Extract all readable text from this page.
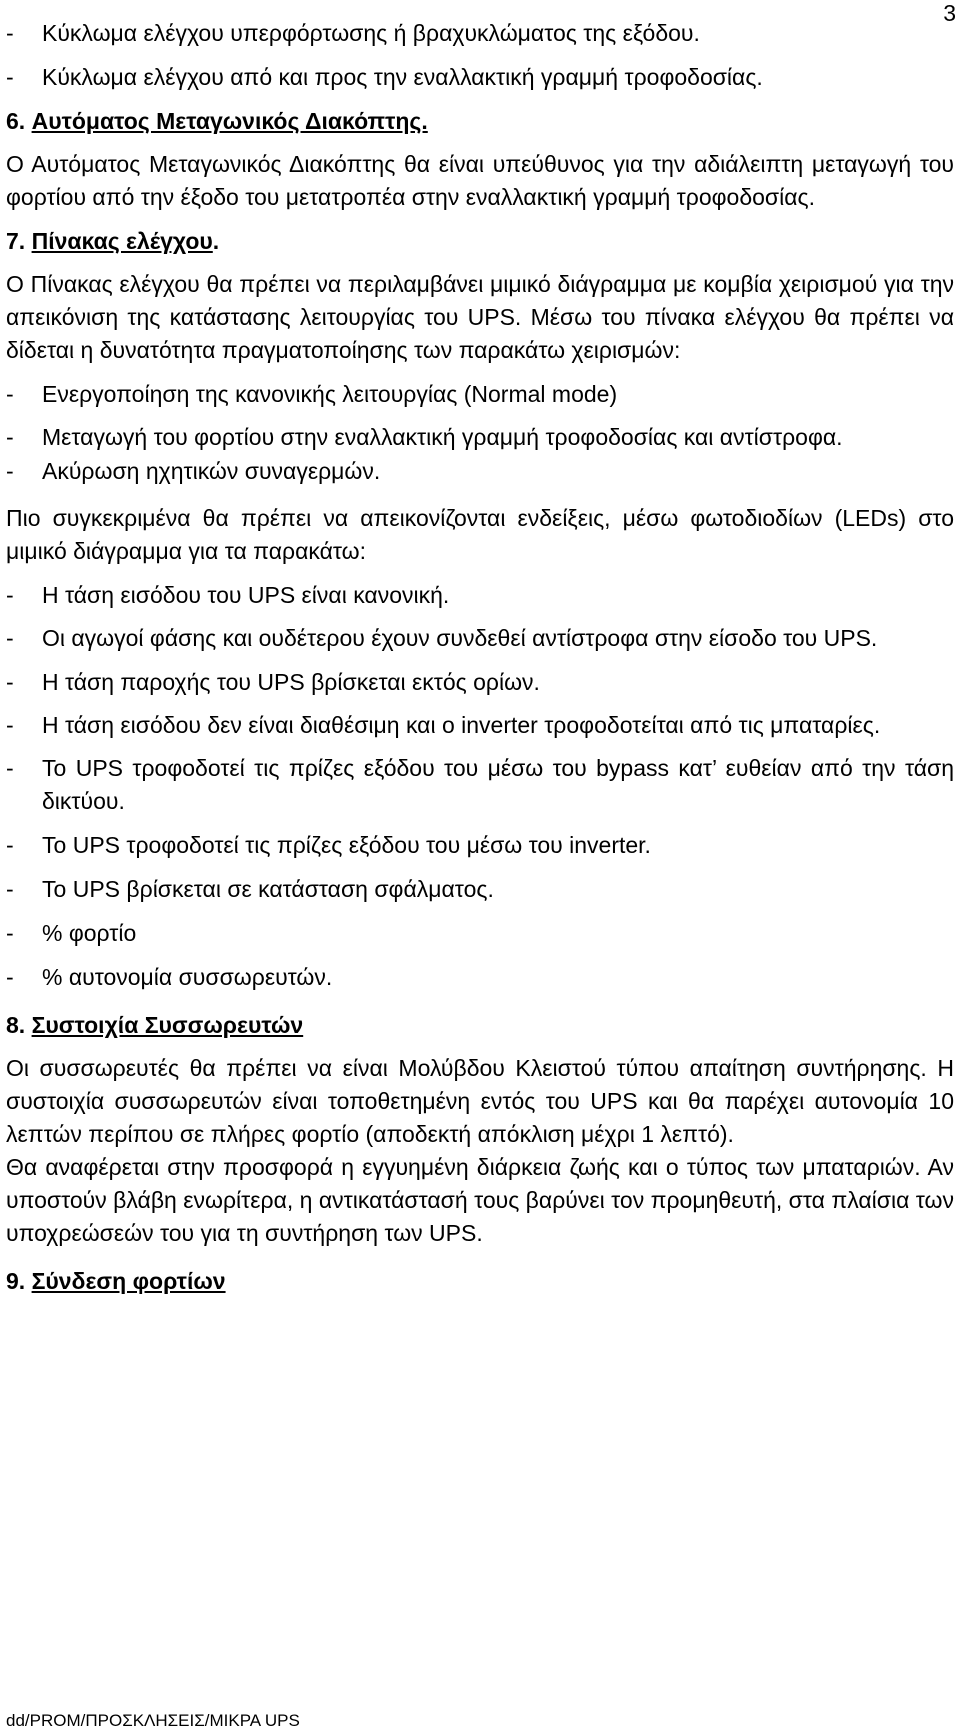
3
-	Κύκλωμα ελέγχου υπερφόρτωσης ή βραχυκλώματος της εξόδου.
-	Κύκλωμα ελέγχου από και προς την εναλλακτική γραμμή τροφοδοσίας.
6.
Αυτόματος Μεταγωνικός Διακόπτης.

Ο Αυτόματος Μεταγωνικός Διακόπτης θα είναι υπεύθυνος για την αδιάλειπτη μεταγωγή του φορτίου από την έξοδο του μετατροπέα στην εναλλακτική γραμμή τροφοδοσίας.

7.
Πίνακας ελέγχου .

Ο Πίνακας ελέγχου θα πρέπει να περιλαμβάνει μιμικό διάγραμμα με κομβία χειρισμού για την απεικόνιση της κατάστασης λειτουργίας του UPS. Μέσω του πίνακα ελέγχου θα πρέπει να δίδεται η δυνατότητα πραγματοποίησης των παρακάτω χειρισμών:

-	Ενεργοποίηση της κανονικής λειτουργίας (Normal mode)
-	Μεταγωγή του φορτίου στην εναλλακτική γραμμή τροφοδοσίας και αντίστροφα.
-	Ακύρωση ηχητικών συναγερμών.

Πιο συγκεκριμένα θα πρέπει να απεικονίζονται ενδείξεις, μέσω φωτοδιοδίων (LEDs) στο μιμικό διάγραμμα για τα παρακάτω:

-	Η τάση εισόδου του UPS είναι κανονική.
-	Οι αγωγοί φάσης και ουδέτερου έχουν συνδεθεί αντίστροφα στην είσοδο του UPS.
-	Η τάση παροχής του UPS βρίσκεται εκτός ορίων.
-	Η τάση εισόδου δεν είναι διαθέσιμη και ο inverter τροφοδοτείται από τις μπαταρίες.
-	Το UPS τροφοδοτεί τις πρίζες εξόδου του μέσω του bypass κατ’ ευθείαν από την τάση δικτύου.
-	Το UPS τροφοδοτεί τις πρίζες εξόδου του μέσω του inverter.
-	Το UPS βρίσκεται σε κατάσταση σφάλματος.
-	% φορτίο
-	% αυτονομία συσσωρευτών.
8.
Συστοιχία Συσσωρευτών

Οι συσσωρευτές θα πρέπει να είναι Μολύβδου Κλειστού τύπου απαίτηση συντήρησης. Η συστοιχία συσσωρευτών είναι τοποθετημένη εντός του UPS και θα παρέχει αυτονομία 10 λεπτών περίπου σε πλήρες φορτίο (αποδεκτή απόκλιση μέχρι 1 λεπτό).

Θα αναφέρεται στην προσφορά η εγγυημένη διάρκεια ζωής και ο τύπος των μπαταριών. Αν υποστούν βλάβη ενωρίτερα, η αντικατάστασή τους βαρύνει τον προμηθευτή, στα πλαίσια των υποχρεώσεών του για τη συντήρηση των UPS.

9.
Σύνδεση φορτίων
dd/PROM/ΠΡΟΣΚΛΗΣΕΙΣ/ΜΙΚΡΑ UPS
